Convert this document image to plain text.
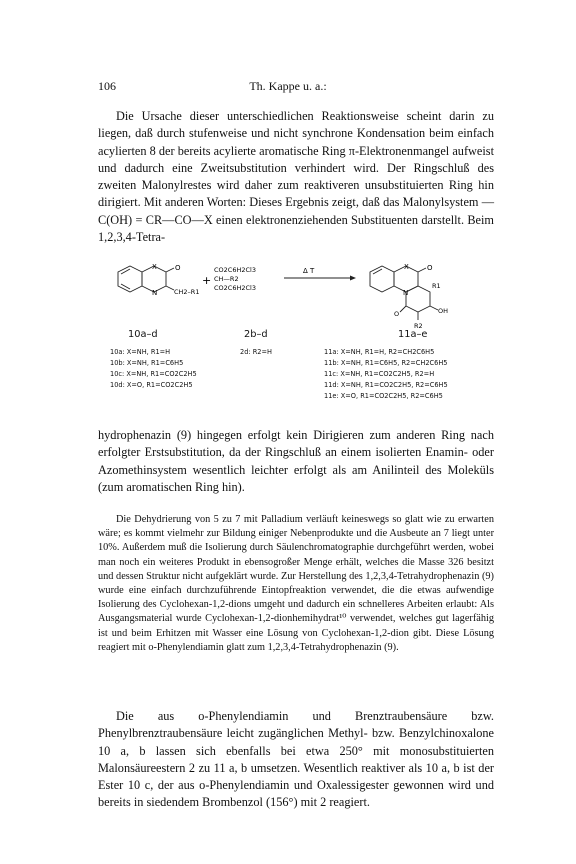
106	Th. Kappe u. a.:
Die Ursache dieser unterschiedlichen Reaktionsweise scheint darin zu liegen, daß durch stufenweise und nicht synchrone Kondensation beim einfach acylierten 8 der bereits acylierte aromatische Ring π-Elektronenmangel aufweist und dadurch eine Zweitsubstitution verhindert wird. Der Ringschluß des zweiten Malonylrestes wird daher zum reaktiveren unsubstituierten Ring hin dirigiert. Mit anderen Worten: Dieses Ergebnis zeigt, daß das Malonylsystem —C(OH) = CR—CO—X einen elektronenziehenden Substituenten darstellt. Beim 1,2,3,4-Tetra-
X	O
N	CH2–R1
+
CO2C6H2Cl3
CH—R2
CO2C6H2Cl3
Δ T	X	O
N
R1
O	OH
R2
10a–d	2b–d	11a–e
10a: X=NH, R1=H
10b: X=NH, R1=C6H5
10c: X=NH, R1=CO2C2H5
10d: X=O, R1=CO2C2H5
2d: R2=H	11a: X=NH, R1=H, R2=CH2C6H5
11b: X=NH, R1=C6H5, R2=CH2C6H5
11c: X=NH, R1=CO2C2H5, R2=H
11d: X=NH, R1=CO2C2H5, R2=C6H5
11e: X=O, R1=CO2C2H5, R2=C6H5
hydrophenazin (9) hingegen erfolgt kein Dirigieren zum anderen Ring nach erfolgter Erstsubstitution, da der Ringschluß an einem isolierten Enamin- oder Azomethinsystem wesentlich leichter erfolgt als am Anilinteil des Moleküls (zum aromatischen Ring hin).
Die Dehydrierung von 5 zu 7 mit Palladium verläuft keineswegs so glatt wie zu erwarten wäre; es kommt vielmehr zur Bildung einiger Nebenprodukte und die Ausbeute an 7 liegt unter 10%. Außerdem muß die Isolierung durch Säulenchromatographie durchgeführt werden, wobei man noch ein weiteres Produkt in ebensogroßer Menge erhält, welches die Masse 326 besitzt und dessen Struktur nicht aufgeklärt wurde. Zur Herstellung des 1,2,3,4-Tetrahydrophenazin (9) wurde eine einfach durchzuführende Eintopfreaktion verwendet, die die etwas aufwendige Isolierung des Cyclohexan-1,2-dions umgeht und dadurch ein schnelleres Arbeiten erlaubt: Als Ausgangsmaterial wurde Cyclohexan-1,2-dionhemihydrat¹⁰ verwendet, welches gut lagerfähig ist und beim Erhitzen mit Wasser eine Lösung von Cyclohexan-1,2-dion gibt. Diese Lösung reagiert mit o-Phenylendiamin glatt zum 1,2,3,4-Tetrahydrophenazin (9).
Die aus o-Phenylendiamin und Brenztraubensäure bzw. Phenylbrenztraubensäure leicht zugänglichen Methyl- bzw. Benzylchinoxalone 10 a, b lassen sich ebenfalls bei etwa 250° mit monosubstituierten Malonsäureestern 2 zu 11 a, b umsetzen. Wesentlich reaktiver als 10 a, b ist der Ester 10 c, der aus o-Phenylendiamin und Oxalessigester gewonnen wird und bereits in siedendem Brombenzol (156°) mit 2 reagiert.
